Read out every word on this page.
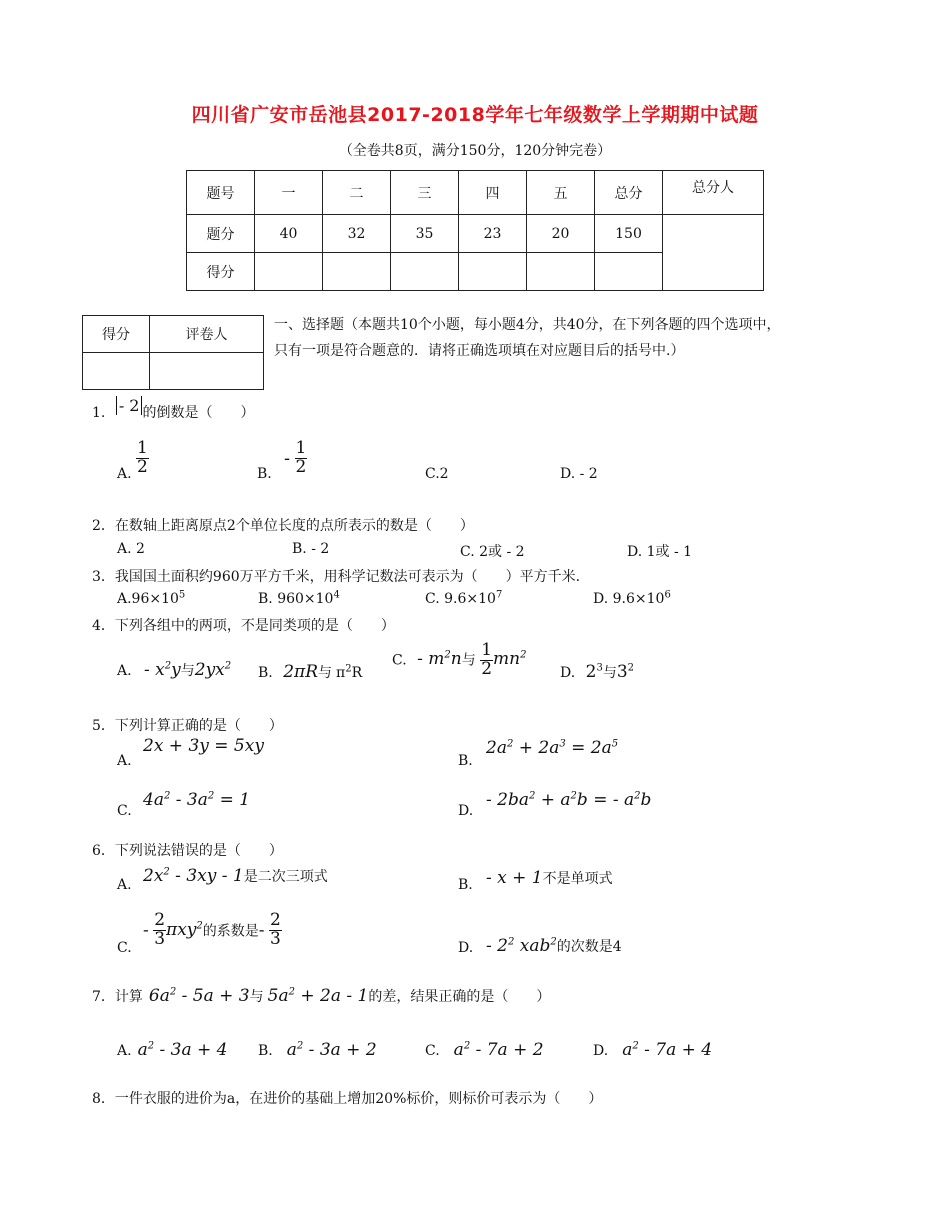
四川省广安市岳池县2017-2018学年七年级数学上学期期中试题
（全卷共8页，满分150分，120分钟完卷）
题号	一	二	三	四	五	总分	总分人
题分	40	32	35	23	20	150	
得分							
得分	评卷人

一、选择题（本题共10个小题，每小题4分，共40分，在下列各题的四个选项中，
只有一项是符合题意的．请将正确选项填在对应题目后的括号中.）
1. - 2 的倒数是（　　）
A. $\frac{1}{2}$	B.
- $\frac{1}{2}$	C.2	D. - 2
2．在数轴上距离原点2个单位长度的点所表示的数是（　　）
A. 2	B. - 2	C. 2或 - 2	D. 1或 - 1
3．我国国土面积约960万平方千米，用科学记数法可表示为（　　）平方千米.
$A.96\times 10^5$	B. $960\times 10^4$	C. $9.6\times 10^7$	D. $9.6\times 10^6$
4．下列各组中的两项，不是同类项的是（　　）
A. - $x^2y$与$2yx^2$ B. 2πR与 $\pi^2R$
C. - $m^2n$与 $\frac{1}{2} mn^2$
D. $2^3$与$3^2$
5．下列计算正确的是（　　）
A.
2x + 3y = 5xy
B.
$2a^2 + 2a^3 = 2a^5$
C.
$4a^2 - 3a^2 = 1$
D.
- $2ba^2 + a^2b$ = - $a^2b$
6．下列说法错误的是（　　）
A. $2x^2 - 3xy - 1$是二次三项式	B. - x + 1不是单项式
C.
- $\frac{2}{3} \pi xy^2$的系数是- $\frac{2}{3}$	D. - $2^2$ xab$^2$的次数是4
7．计算 $6a^2 - 5a + 3$与 $5a^2 + 2a - 1$的差，结果正确的是（　　）
A. $a^2 - 3a + 4$ B. $a^2 - 3a + 2$	C. $a^2 - 7a + 2$	D. $a^2 - 7a + 4$
8．一件衣服的进价为a，在进价的基础上增加20%标价，则标价可表示为（　　）
